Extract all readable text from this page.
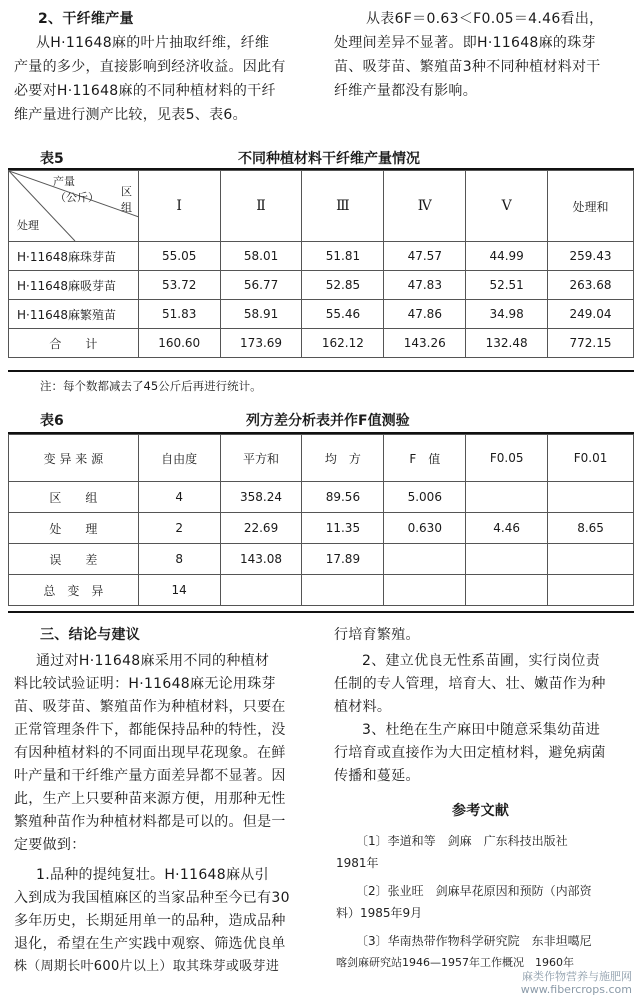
2、干纤维产量
从H·11648麻的叶片抽取纤维，纤维
产量的多少，直接影响到经济收益。因此有
必要对H·11648麻的不同种植材料的干纤
维产量进行测产比较，见表5、表6。
从表6F＝0.63＜F0.05＝4.46看出，
处理间差异不显著。即H·11648麻的珠芽
苗、吸芽苗、繁殖苗3种不同种植材料对干
纤维产量都没有影响。
表5	不同种植材料干纤维产量情况
产量
（公斤） 区
组
处理	Ⅰ	Ⅱ	Ⅲ	Ⅳ	Ⅴ	处理和
H·11648麻珠芽苗	55.05	58.01	51.81	47.57	44.99	259.43
H·11648麻吸芽苗	53.72	56.77	52.85	47.83	52.51	263.68
H·11648麻繁殖苗	51.83	58.91	55.46	47.86	34.98	249.04
合　　计	160.60	173.69	162.12	143.26	132.48	772.15
注：每个数都减去了45公斤后再进行统计。
表6	列方差分析表并作F值测验
变 异 来 源	自由度	平方和	均　方	F　值	F0.05	F0.01
区　　组	4	358.24	89.56	5.006		
处　　理	2	22.69	11.35	0.630	4.46	8.65
误　　差	8	143.08	17.89			
总　变　异	14					
三、结论与建议
通过对H·11648麻采用不同的种植材
料比较试验证明：H·11648麻无论用珠芽
苗、吸芽苗、繁殖苗作为种植材料，只要在
正常管理条件下，都能保持品种的特性，没
有因种植材料的不同面出现早花现象。在鲜
叶产量和干纤维产量方面差异都不显著。因
此，生产上只要种苗来源方便，用那种无性
繁殖种苗作为种植材料都是可以的。但是一
定要做到：
1.品种的提纯复壮。H·11648麻从引
入到成为我国植麻区的当家品种至今已有30
多年历史，长期延用单一的品种，造成品种
退化，希望在生产实践中观察、筛选优良单
株（周期长叶600片以上）取其珠芽或吸芽进
行培育繁殖。
2、建立优良无性系苗圃，实行岗位责
任制的专人管理，培育大、壮、嫩苗作为种
植材料。
3、杜绝在生产麻田中随意采集幼苗进
行培育或直接作为大田定植材料，避免病菌
传播和蔓延。
参考文献
〔1〕李道和等　剑麻　广东科技出版社
1981年
〔2〕张业旺　剑麻早花原因和预防（内部资
料）1985年9月
〔3〕华南热带作物科学研究院　东非坦噶尼
喀剑麻研究站1946—1957年工作概况　1960年
麻类作物营养与施肥网
www.fibercrops.com
